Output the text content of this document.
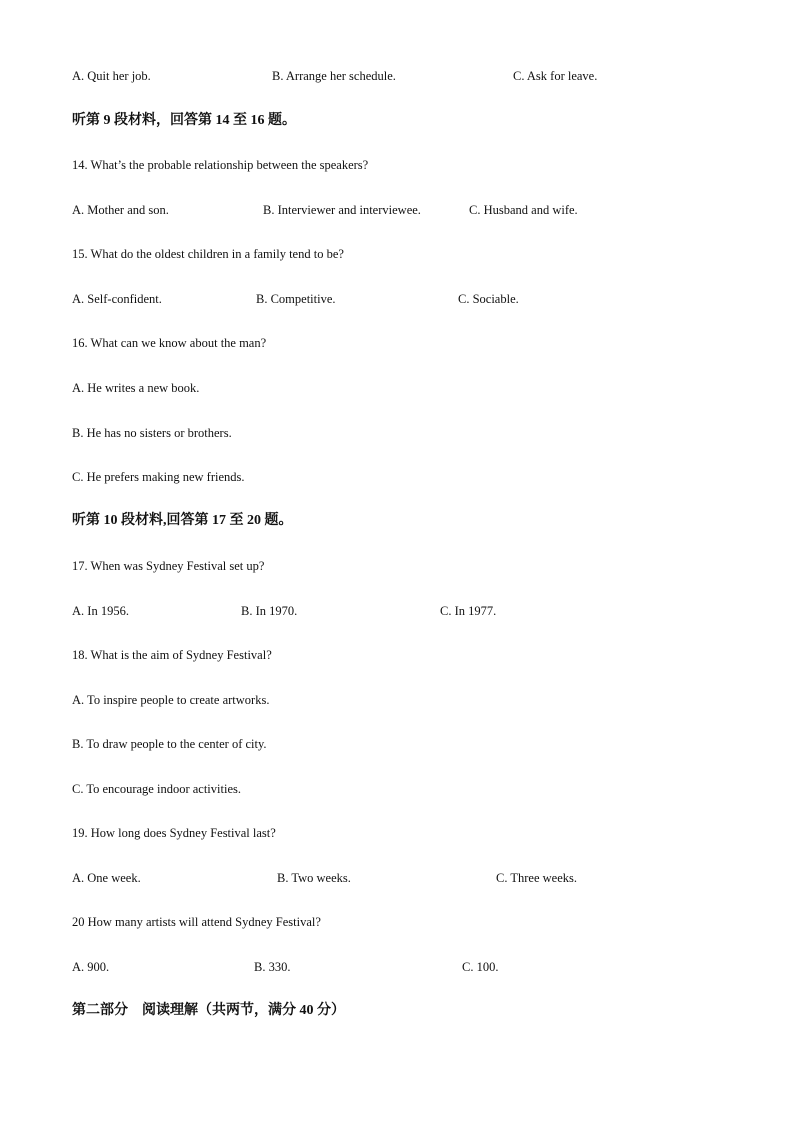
A. Quit her job.	B. Arrange her schedule.	C. Ask for leave.
听第 9 段材料，回答第 14 至 16 题。
14. What’s the probable relationship between the speakers?
A. Mother and son.	B. Interviewer and interviewee.	C. Husband and wife.
15. What do the oldest children in a family tend to be?
A. Self-confident.	B. Competitive.	C. Sociable.
16. What can we know about the man?
A. He writes a new book.
B. He has no sisters or brothers.
C. He prefers making new friends.
听第 10 段材料,回答第 17 至 20 题。
17. When was Sydney Festival set up?
A. In 1956.	B. In 1970.	C. In 1977.
18. What is the aim of Sydney Festival?
A. To inspire people to create artworks.
B. To draw people to the center of city.
C. To encourage indoor activities.
19. How long does Sydney Festival last?
A. One week.	B. Two weeks.	C. Three weeks.
20 How many artists will attend Sydney Festival?
A. 900.	B. 330.	C. 100.
第二部分　阅读理解（共两节，满分 40 分）
